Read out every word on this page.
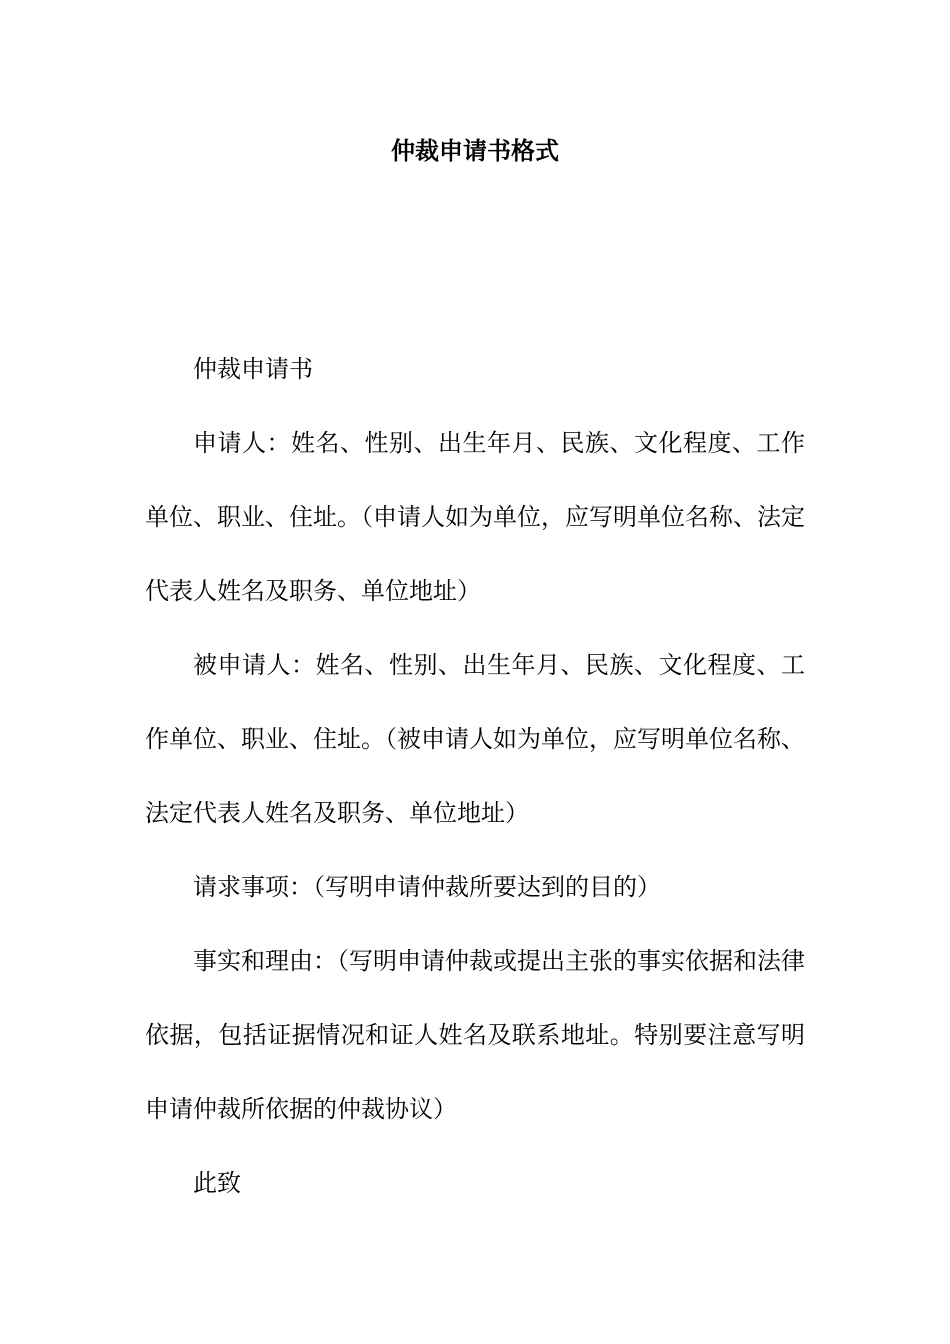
仲裁申请书格式

仲裁申请书

申请人：姓名、性别、出生年月、民族、文化程度、工作单位、职业、住址。（申请人如为单位，应写明单位名称、法定代表人姓名及职务、单位地址）

被申请人：姓名、性别、出生年月、民族、文化程度、工作单位、职业、住址。（被申请人如为单位，应写明单位名称、法定代表人姓名及职务、单位地址）

请求事项：（写明申请仲裁所要达到的目的）

事实和理由：（写明申请仲裁或提出主张的事实依据和法律依据，包括证据情况和证人姓名及联系地址。特别要注意写明申请仲裁所依据的仲裁协议）

此致
